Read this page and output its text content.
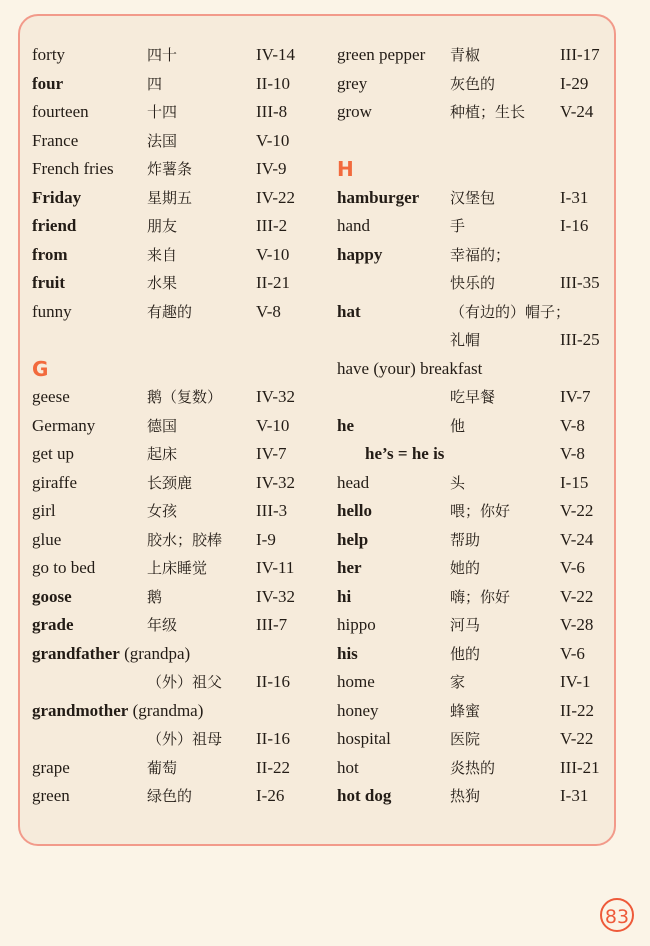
forty	四十	IV-14
four	四	II-10
fourteen	十四	III-8
France	法国	V-10
French fries 炸薯条	IV-9
Friday	星期五	IV-22
friend	朋友	III-2
from	来自	V-10
fruit	水果	II-21
funny	有趣的	V-8
G
geese	鹅（复数） IV-32
Germany	德国	V-10
get up	起床	IV-7
giraffe	长颈鹿	IV-32
girl	女孩	III-3
glue	胶水；胶棒 I-9
go to bed	上床睡觉	IV-11
goose	鹅	IV-32
grade	年级	III-7
grandfather (grandpa)
（外）祖父 II-16
grandmother (grandma)
（外）祖母 II-16
grape	葡萄	II-22
green	绿色的	I-26
green pepper 青椒	III-17
grey	灰色的	I-29
grow	种植；生长 V-24
H
hamburger 汉堡包	I-31
hand	手	I-16
happy	幸福的；
快乐的	III-35
hat	（有边的）帽子；
礼帽	III-25
have (your) breakfast
吃早餐	IV-7
he	他	V-8
he’s = he is	V-8
head	头	I-15
hello	喂；你好	V-22
help	帮助	V-24
her	她的	V-6
hi	嗨；你好	V-22
hippo	河马	V-28
his	他的	V-6
home	家	IV-1
honey	蜂蜜	II-22
hospital	医院	V-22
hot	炎热的	III-21
hot dog	热狗	I-31
83
